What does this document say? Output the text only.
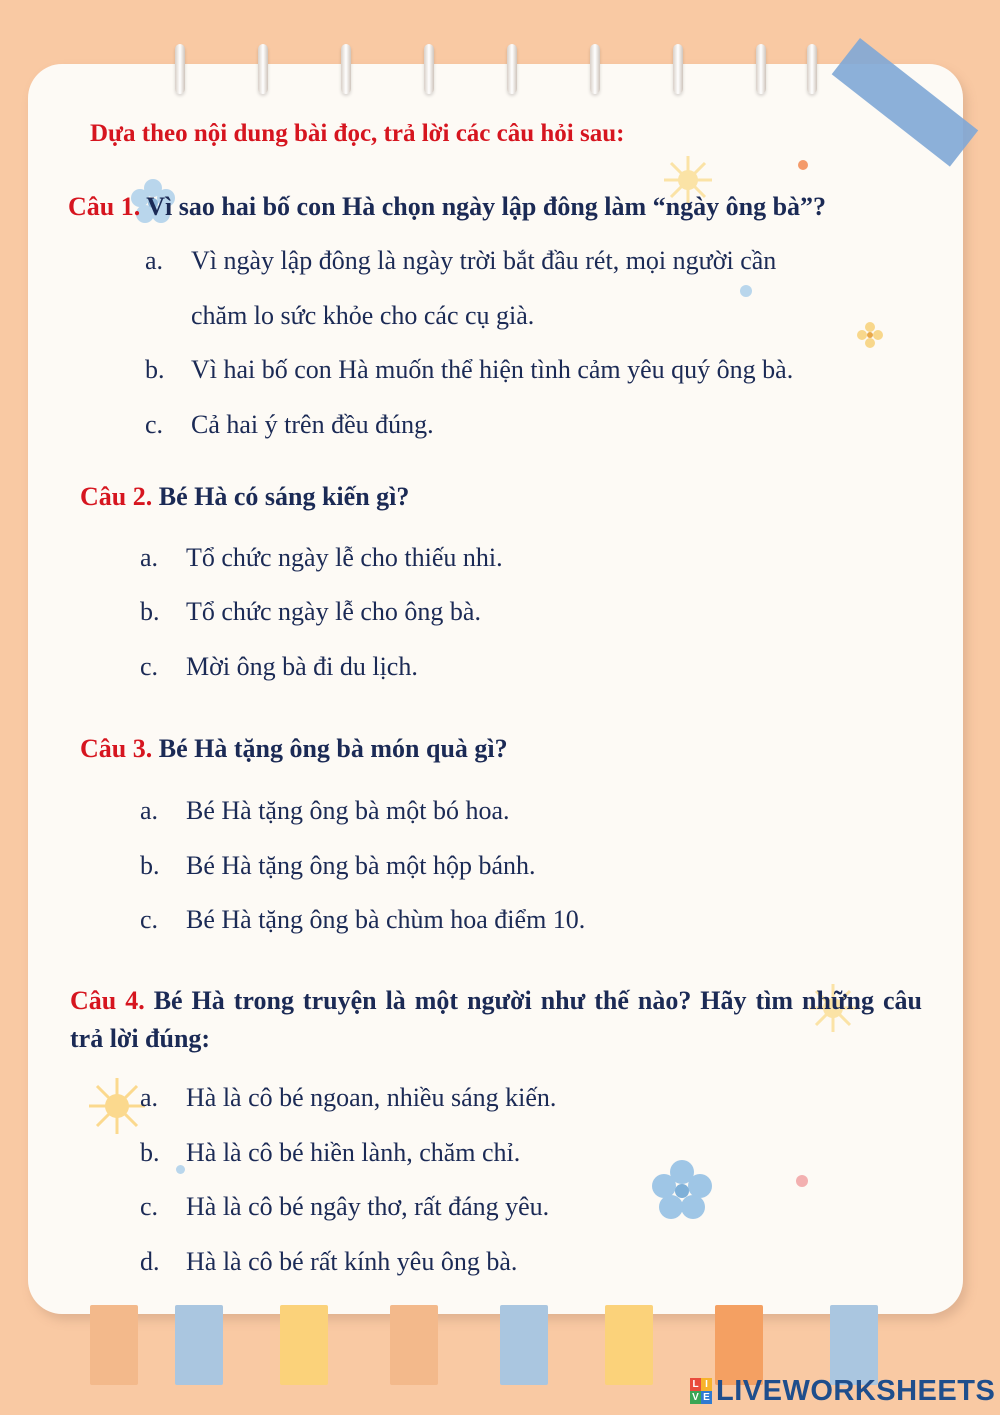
Dựa theo nội dung bài đọc, trả lời các câu hỏi sau:
Câu 1. Vì sao hai bố con Hà chọn ngày lập đông làm “ngày ông bà”?
a. Vì ngày lập đông là ngày trời bắt đầu rét, mọi người cần
chăm lo sức khỏe cho các cụ già.
b. Vì hai bố con Hà muốn thể hiện tình cảm yêu quý ông bà.
c. Cả hai ý trên đều đúng.
Câu 2. Bé Hà có sáng kiến gì?
a. Tổ chức ngày lễ cho thiếu nhi.
b. Tổ chức ngày lễ cho ông bà.
c. Mời ông bà đi du lịch.
Câu 3. Bé Hà tặng ông bà món quà gì?
a. Bé Hà tặng ông bà một bó hoa.
b. Bé Hà tặng ông bà một hộp bánh.
c. Bé Hà tặng ông bà chùm hoa điểm 10.
Câu 4. Bé Hà trong truyện là một người như thế nào? Hãy tìm những câu trả lời đúng:
a. Hà là cô bé ngoan, nhiều sáng kiến.
b. Hà là cô bé hiền lành, chăm chỉ.
c. Hà là cô bé ngây thơ, rất đáng yêu.
d. Hà là cô bé rất kính yêu ông bà.
L I
V E LIVEWORKSHEETS
